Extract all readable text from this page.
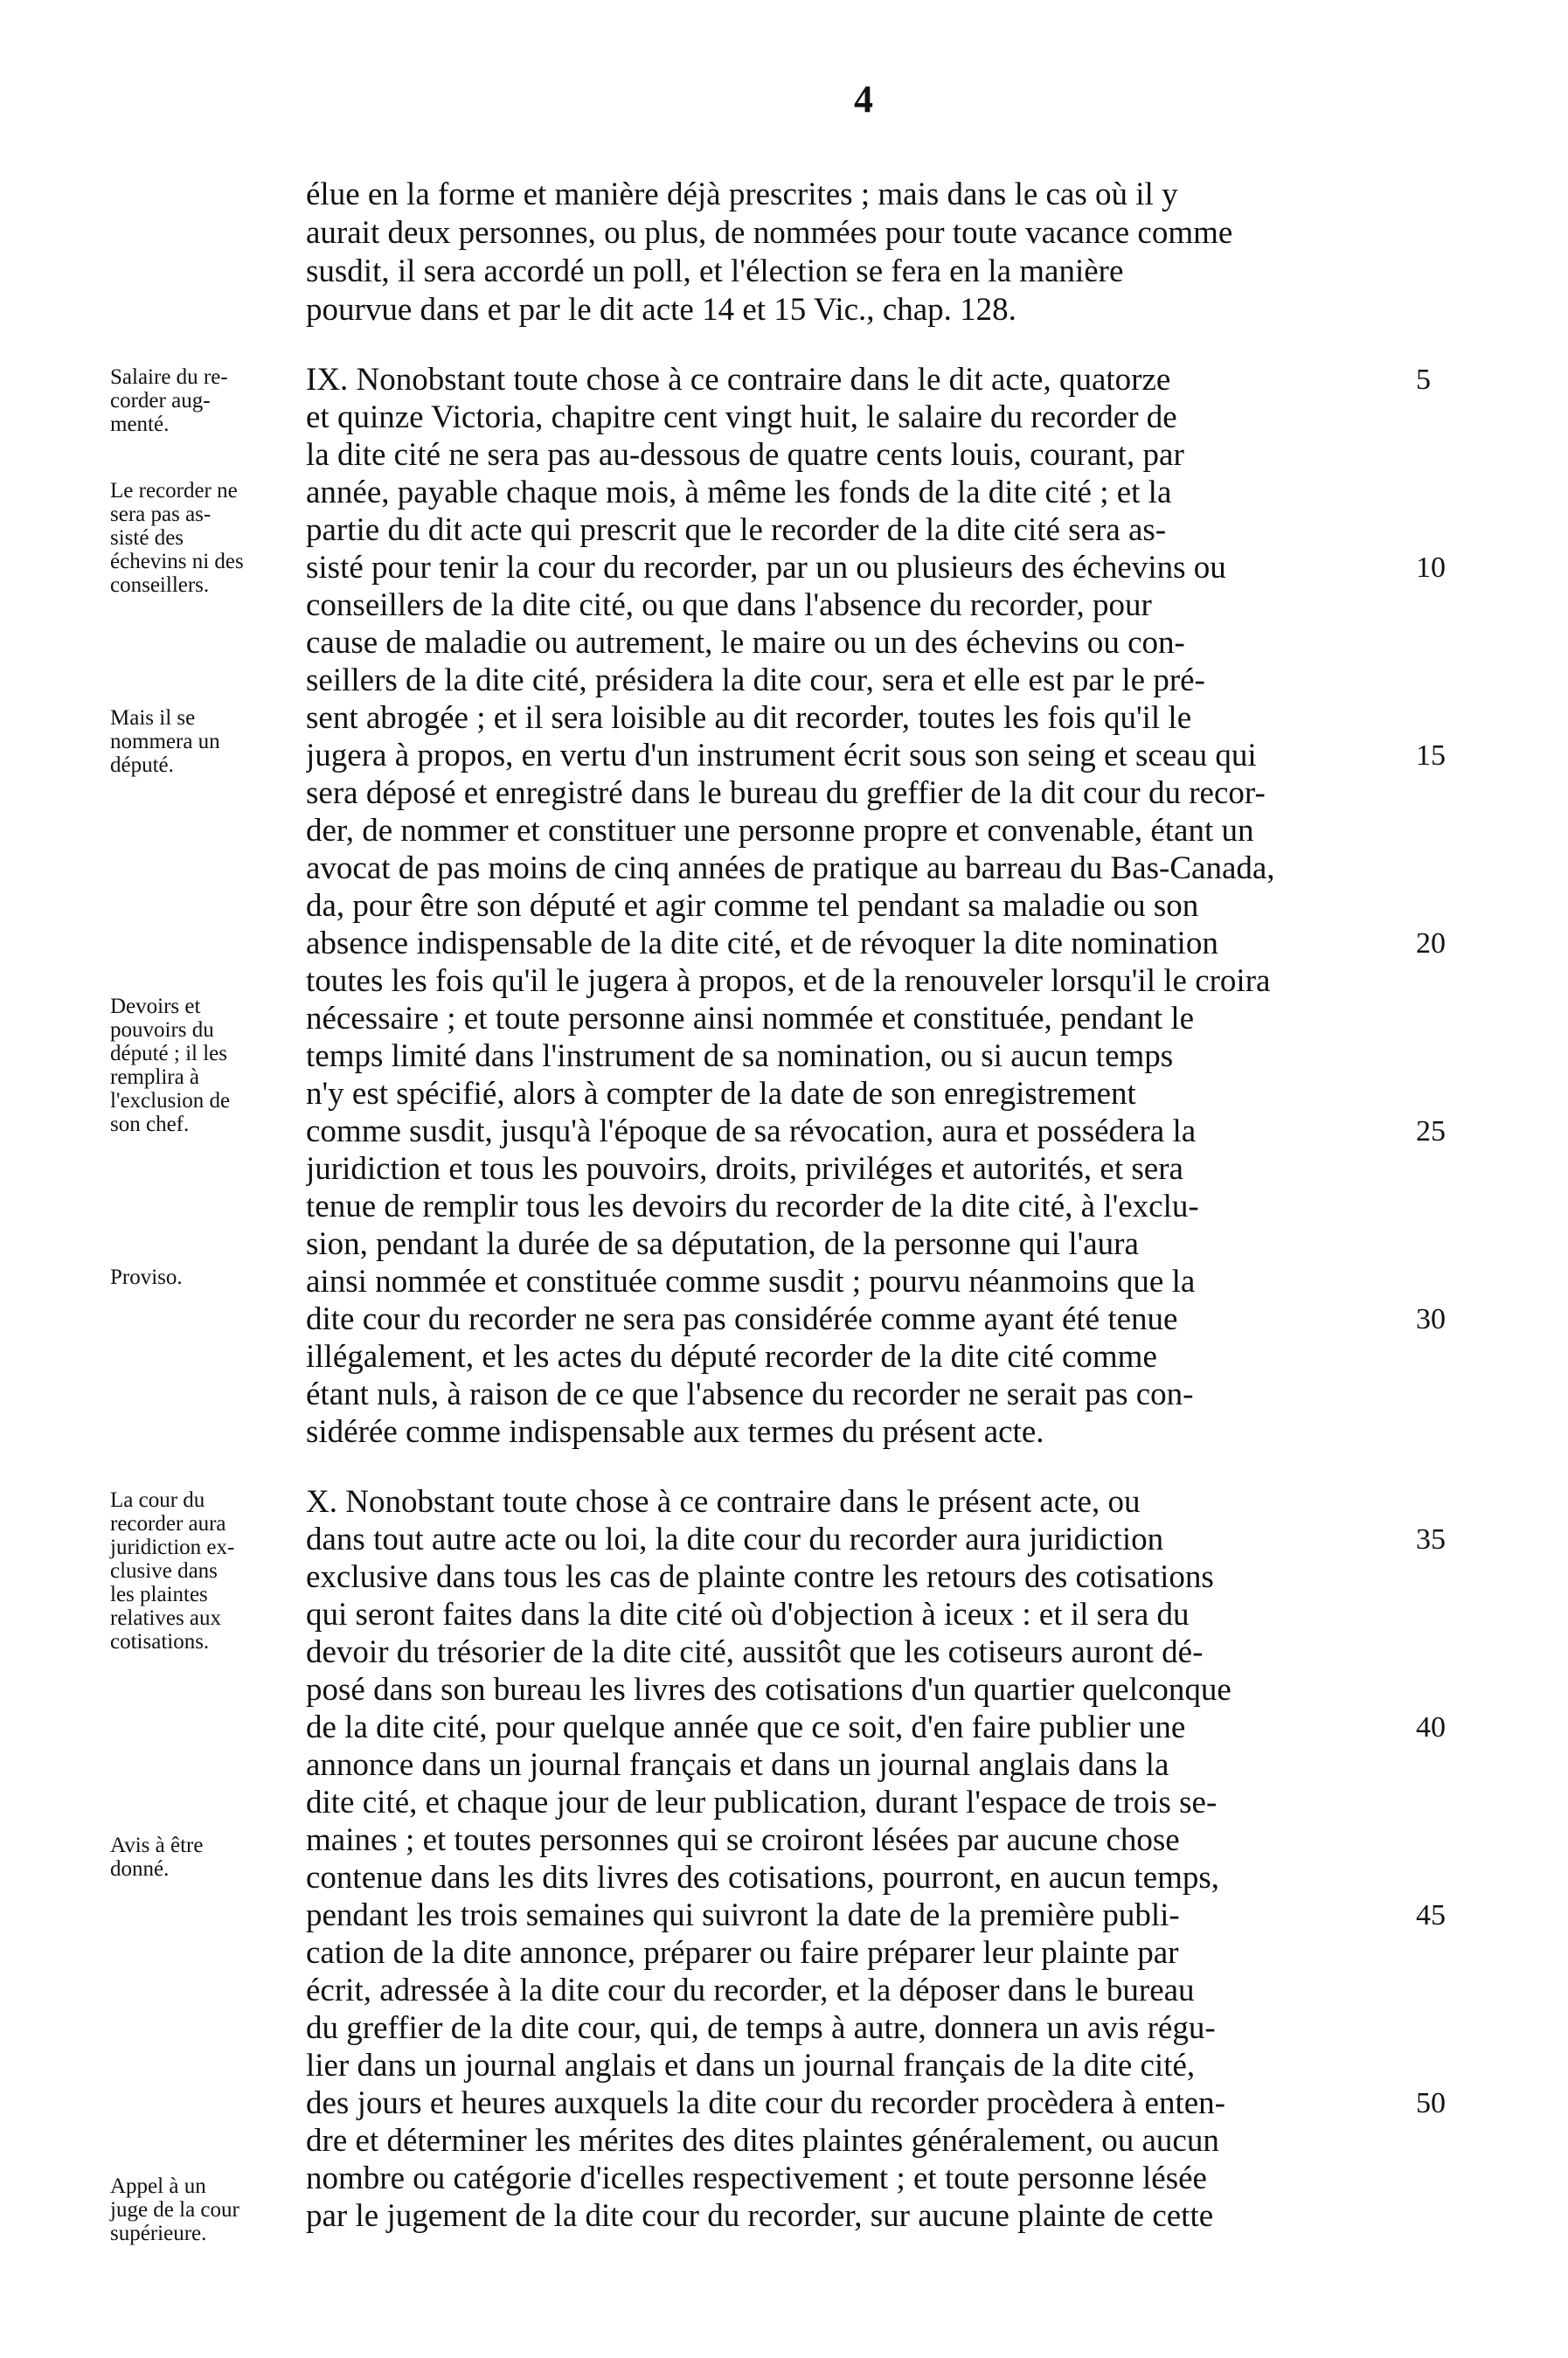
4
élue en la forme et manière déjà prescrites ; mais dans le cas où il y
aurait deux personnes, ou plus, de nommées pour toute vacance comme
susdit, il sera accordé un poll, et l'élection se fera en la manière
pourvue dans et par le dit acte 14 et 15 Vic., chap. 128.
IX. Nonobstant toute chose à ce contraire dans le dit acte, quatorze
et quinze Victoria, chapitre cent vingt huit, le salaire du recorder de
la dite cité ne sera pas au-dessous de quatre cents louis, courant, par
année, payable chaque mois, à même les fonds de la dite cité ; et la
partie du dit acte qui prescrit que le recorder de la dite cité sera as-
sisté pour tenir la cour du recorder, par un ou plusieurs des échevins ou
conseillers de la dite cité, ou que dans l'absence du recorder, pour
cause de maladie ou autrement, le maire ou un des échevins ou con-
seillers de la dite cité, présidera la dite cour, sera et elle est par le pré-
sent abrogée ; et il sera loisible au dit recorder, toutes les fois qu'il le
jugera à propos, en vertu d'un instrument écrit sous son seing et sceau qui
sera déposé et enregistré dans le bureau du greffier de la dit cour du recor-
der, de nommer et constituer une personne propre et convenable, étant un
avocat de pas moins de cinq années de pratique au barreau du Bas-Canada,
da, pour être son député et agir comme tel pendant sa maladie ou son
absence indispensable de la dite cité, et de révoquer la dite nomination
toutes les fois qu'il le jugera à propos, et de la renouveler lorsqu'il le croira
nécessaire ; et toute personne ainsi nommée et constituée, pendant le
temps limité dans l'instrument de sa nomination, ou si aucun temps
n'y est spécifié, alors à compter de la date de son enregistrement
comme susdit, jusqu'à l'époque de sa révocation, aura et possédera la
juridiction et tous les pouvoirs, droits, priviléges et autorités, et sera
tenue de remplir tous les devoirs du recorder de la dite cité, à l'exclu-
sion, pendant la durée de sa députation, de la personne qui l'aura
ainsi nommée et constituée comme susdit ; pourvu néanmoins que la
dite cour du recorder ne sera pas considérée comme ayant été tenue
illégalement, et les actes du député recorder de la dite cité comme
étant nuls, à raison de ce que l'absence du recorder ne serait pas con-
sidérée comme indispensable aux termes du présent acte.
X. Nonobstant toute chose à ce contraire dans le présent acte, ou
dans tout autre acte ou loi, la dite cour du recorder aura juridiction
exclusive dans tous les cas de plainte contre les retours des cotisations
qui seront faites dans la dite cité où d'objection à iceux : et il sera du
devoir du trésorier de la dite cité, aussitôt que les cotiseurs auront dé-
posé dans son bureau les livres des cotisations d'un quartier quelconque
de la dite cité, pour quelque année que ce soit, d'en faire publier une
annonce dans un journal français et dans un journal anglais dans la
dite cité, et chaque jour de leur publication, durant l'espace de trois se-
maines ; et toutes personnes qui se croiront lésées par aucune chose
contenue dans les dits livres des cotisations, pourront, en aucun temps,
pendant les trois semaines qui suivront la date de la première publi-
cation de la dite annonce, préparer ou faire préparer leur plainte par
écrit, adressée à la dite cour du recorder, et la déposer dans le bureau
du greffier de la dite cour, qui, de temps à autre, donnera un avis régu-
lier dans un journal anglais et dans un journal français de la dite cité,
des jours et heures auxquels la dite cour du recorder procèdera à enten-
dre et déterminer les mérites des dites plaintes généralement, ou aucun
nombre ou catégorie d'icelles respectivement ; et toute personne lésée
par le jugement de la dite cour du recorder, sur aucune plainte de cette
Salaire du re-
corder aug-
menté.
Le recorder ne
sera pas as-
sisté des
échevins ni des
conseillers.
Mais il se
nommera un
député.
Devoirs et
pouvoirs du
député ; il les
remplira à
l'exclusion de
son chef.
Proviso.
La cour du
recorder aura
juridiction ex-
clusive dans
les plaintes
relatives aux
cotisations.
Avis à être
donné.
Appel à un
juge de la cour
supérieure.
5
10
15
20
25
30
35
40
45
50
